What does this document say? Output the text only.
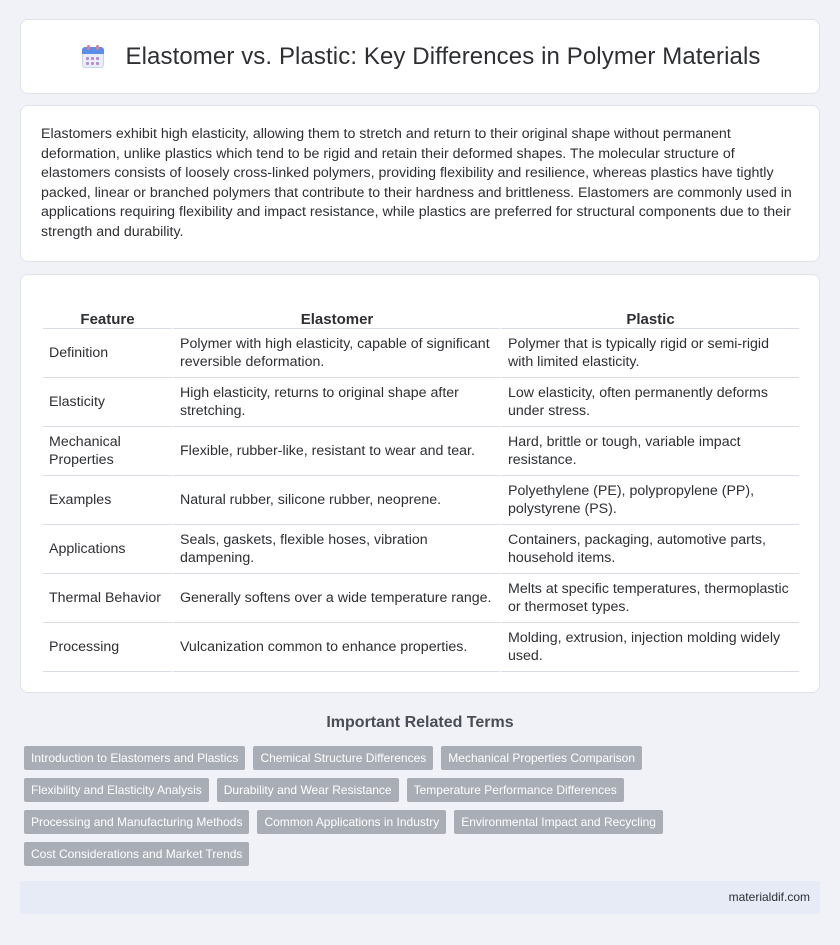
Elastomer vs. Plastic: Key Differences in Polymer Materials

Elastomers exhibit high elasticity, allowing them to stretch and return to their original shape without permanent deformation, unlike plastics which tend to be rigid and retain their deformed shapes. The molecular structure of elastomers consists of loosely cross-linked polymers, providing flexibility and resilience, whereas plastics have tightly packed, linear or branched polymers that contribute to their hardness and brittleness. Elastomers are commonly used in applications requiring flexibility and impact resistance, while plastics are preferred for structural components due to their strength and durability.

Feature	Elastomer	Plastic
Definition	Polymer with high elasticity, capable of significant reversible deformation.	Polymer that is typically rigid or semi-rigid with limited elasticity.
Elasticity	High elasticity, returns to original shape after stretching.	Low elasticity, often permanently deforms under stress.
Mechanical Properties	Flexible, rubber-like, resistant to wear and tear.	Hard, brittle or tough, variable impact resistance.
Examples	Natural rubber, silicone rubber, neoprene.	Polyethylene (PE), polypropylene (PP), polystyrene (PS).
Applications	Seals, gaskets, flexible hoses, vibration dampening.	Containers, packaging, automotive parts, household items.
Thermal Behavior	Generally softens over a wide temperature range.	Melts at specific temperatures, thermoplastic or thermoset types.
Processing	Vulcanization common to enhance properties.	Molding, extrusion, injection molding widely used.
Important Related Terms
Introduction to Elastomers and Plastics	Chemical Structure Differences	Mechanical Properties Comparison
Flexibility and Elasticity Analysis	Durability and Wear Resistance	Temperature Performance Differences
Processing and Manufacturing Methods	Common Applications in Industry	Environmental Impact and Recycling
Cost Considerations and Market Trends
materialdif.com
